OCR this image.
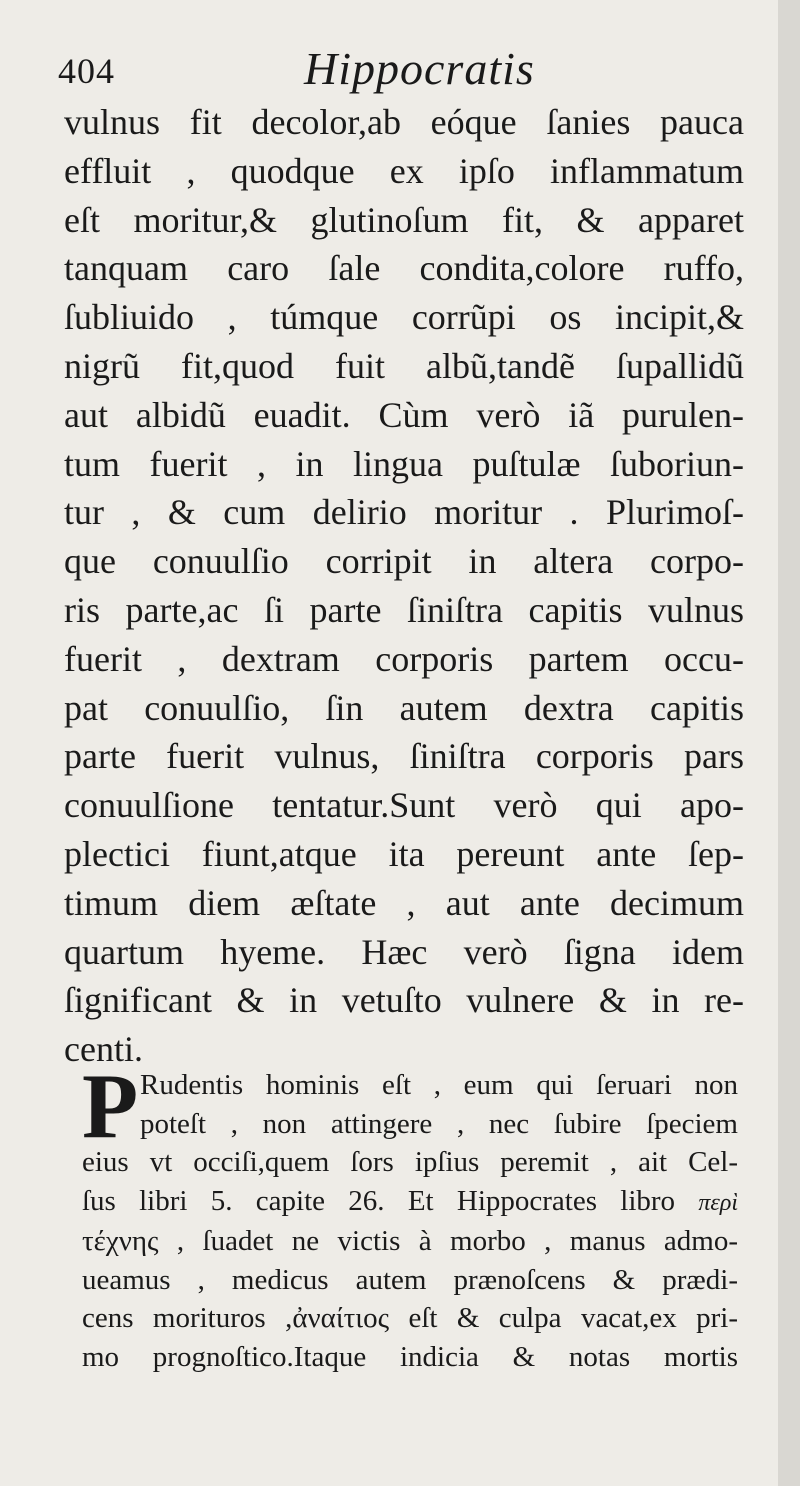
404	Hippocratis

vulnus fit decolor,ab eóque ſanies pauca
effluit , quodque ex ipſo inflammatum
eſt moritur,& glutinoſum fit, & apparet
tanquam caro ſale condita,colore ruffo,
ſubliuido , túmque corrũpi os incipit,&
nigrũ fit,quod fuit albũ,tandẽ ſupallidũ
aut albidũ euadit. Cùm verò iã purulen-
tum fuerit , in lingua puſtulæ ſuboriun-
tur , & cum delirio moritur . Plurimoſ-
que conuulſio corripit in altera corpo-
ris parte,ac ſi parte ſiniſtra capitis vulnus
fuerit , dextram corporis partem occu-
pat conuulſio, ſin autem dextra capitis
parte fuerit vulnus, ſiniſtra corporis pars
conuulſione tentatur.Sunt verò qui apo-
plectici fiunt,atque ita pereunt ante ſep-
timum diem æſtate , aut ante decimum
quartum hyeme. Hæc verò ſigna idem
ſignificant & in vetuſto vulnere & in re-
centi.

P Rudentis hominis eſt , eum qui ſeruari non
poteſt , non attingere , nec ſubire ſpeciem
eius vt occiſi,quem ſors ipſius peremit , ait Cel-
ſus libri 5. capite 26. Et Hippocrates libro περὶ
τέχνης , ſuadet ne victis à morbo , manus admo-
ueamus , medicus autem prænoſcens & prædi-
cens morituros ,ἀναίτιος eſt & culpa vacat,ex pri-
mo prognoſtico.Itaque indicia & notas mortis
